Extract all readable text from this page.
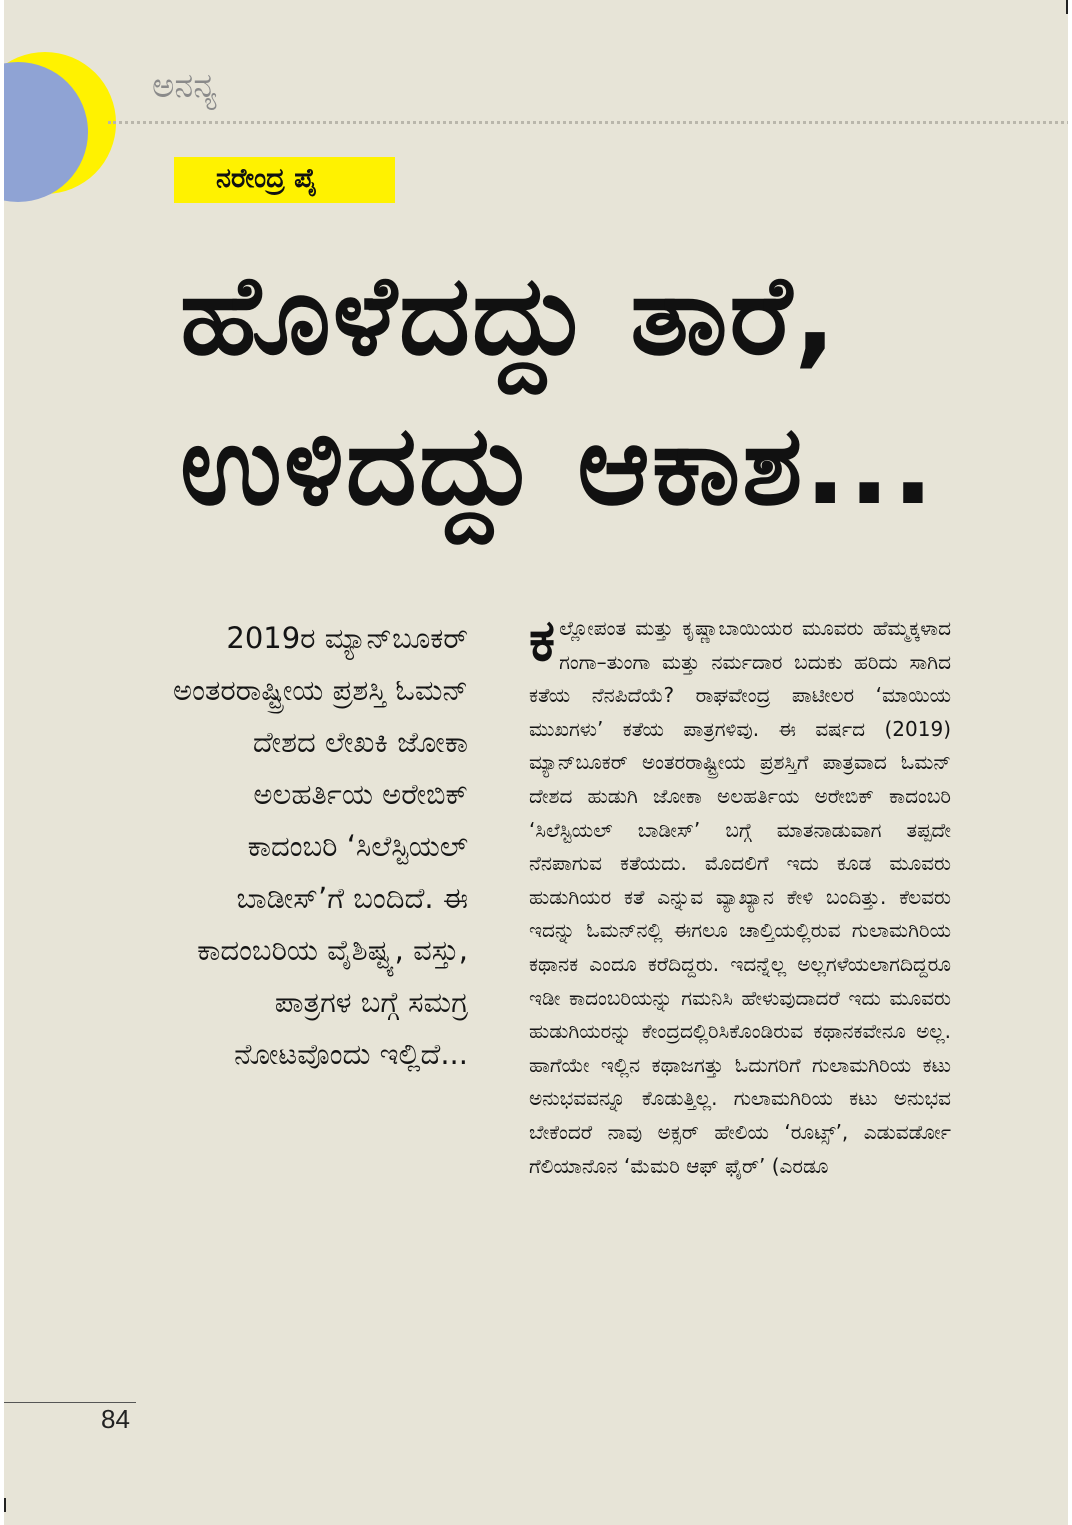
ಅನನ್ಯ
ನರೇಂದ್ರ ಪೈ
ಹೊಳೆದದ್ದು ತಾರೆ,
ಉಳಿದದ್ದು ಆಕಾಶ...
2019ರ ಮ್ಯಾನ್‌ಬೂಕರ್ ಅಂತರರಾಷ್ಟ್ರೀಯ ಪ್ರಶಸ್ತಿ ಓಮನ್ ದೇಶದ ಲೇಖಕಿ ಜೋಕಾ ಅಲಹರ್ತಿಯ ಅರೇಬಿಕ್ ಕಾದಂಬರಿ ‘ಸಿಲೆಸ್ಟಿಯಲ್ ಬಾಡೀಸ್’ಗೆ ಬಂದಿದೆ. ಈ ಕಾದಂಬರಿಯ ವೈಶಿಷ್ಟ್ಯ, ವಸ್ತು, ಪಾತ್ರಗಳ ಬಗ್ಗೆ ಸಮಗ್ರ ನೋಟವೊಂದು ಇಲ್ಲಿದೆ...
ಕ ಲ್ಲೋಪಂತ ಮತ್ತು ಕೃಷ್ಣಾಬಾಯಿಯರ ಮೂವರು ಹೆಮ್ಮಕ್ಕಳಾದ ಗಂಗಾ–ತುಂಗಾ ಮತ್ತು ನರ್ಮದಾರ ಬದುಕು ಹರಿದು ಸಾಗಿದ ಕತೆಯ ನೆನಪಿದೆಯೆ? ರಾಘವೇಂದ್ರ ಪಾಟೀಲರ ‘ಮಾಯಿಯ ಮುಖಗಳು’ ಕತೆಯ ಪಾತ್ರಗಳಿವು. ಈ ವರ್ಷದ (2019) ಮ್ಯಾನ್‌ಬೂಕರ್ ಅಂತರರಾಷ್ಟ್ರೀಯ ಪ್ರಶಸ್ತಿಗೆ ಪಾತ್ರವಾದ ಓಮನ್ ದೇಶದ ಹುಡುಗಿ ಜೋಕಾ ಅಲಹರ್ತಿಯ ಅರೇಬಿಕ್ ಕಾದಂಬರಿ ‘ಸಿಲೆಸ್ಟಿಯಲ್ ಬಾಡೀಸ್’ ಬಗ್ಗೆ ಮಾತನಾಡುವಾಗ ತಪ್ಪದೇ ನೆನಪಾಗುವ ಕತೆಯದು. ಮೊದಲಿಗೆ ಇದು ಕೂಡ ಮೂವರು ಹುಡುಗಿಯರ ಕತೆ ಎನ್ನುವ ವ್ಯಾಖ್ಯಾನ ಕೇಳಿ ಬಂದಿತ್ತು. ಕೆಲವರು ಇದನ್ನು ಓಮನ್‌ನಲ್ಲಿ ಈಗಲೂ ಚಾಲ್ತಿಯಲ್ಲಿರುವ ಗುಲಾಮಗಿರಿಯ ಕಥಾನಕ ಎಂದೂ ಕರೆದಿದ್ದರು. ಇದನ್ನೆಲ್ಲ ಅಲ್ಲಗಳೆಯಲಾಗದಿದ್ದರೂ ಇಡೀ ಕಾದಂಬರಿಯನ್ನು ಗಮನಿಸಿ ಹೇಳುವುದಾದರೆ ಇದು ಮೂವರು ಹುಡುಗಿಯರನ್ನು ಕೇಂದ್ರದಲ್ಲಿರಿಸಿಕೊಂಡಿರುವ ಕಥಾನಕವೇನೂ ಅಲ್ಲ. ಹಾಗೆಯೇ ಇಲ್ಲಿನ ಕಥಾಜಗತ್ತು ಓದುಗರಿಗೆ ಗುಲಾಮಗಿರಿಯ ಕಟು ಅನುಭವವನ್ನೂ ಕೊಡುತ್ತಿಲ್ಲ. ಗುಲಾಮಗಿರಿಯ ಕಟು ಅನುಭವ ಬೇಕೆಂದರೆ ನಾವು ಅಕ್ಸರ್ ಹೇಲಿಯ ‘ರೂಟ್ಸ್’, ಎಡುವರ್ಡೋ ಗೆಲಿಯಾನೊನ ‘ಮೆಮರಿ ಆಫ್ ಫೈರ್’ (ಎರಡೂ
84
